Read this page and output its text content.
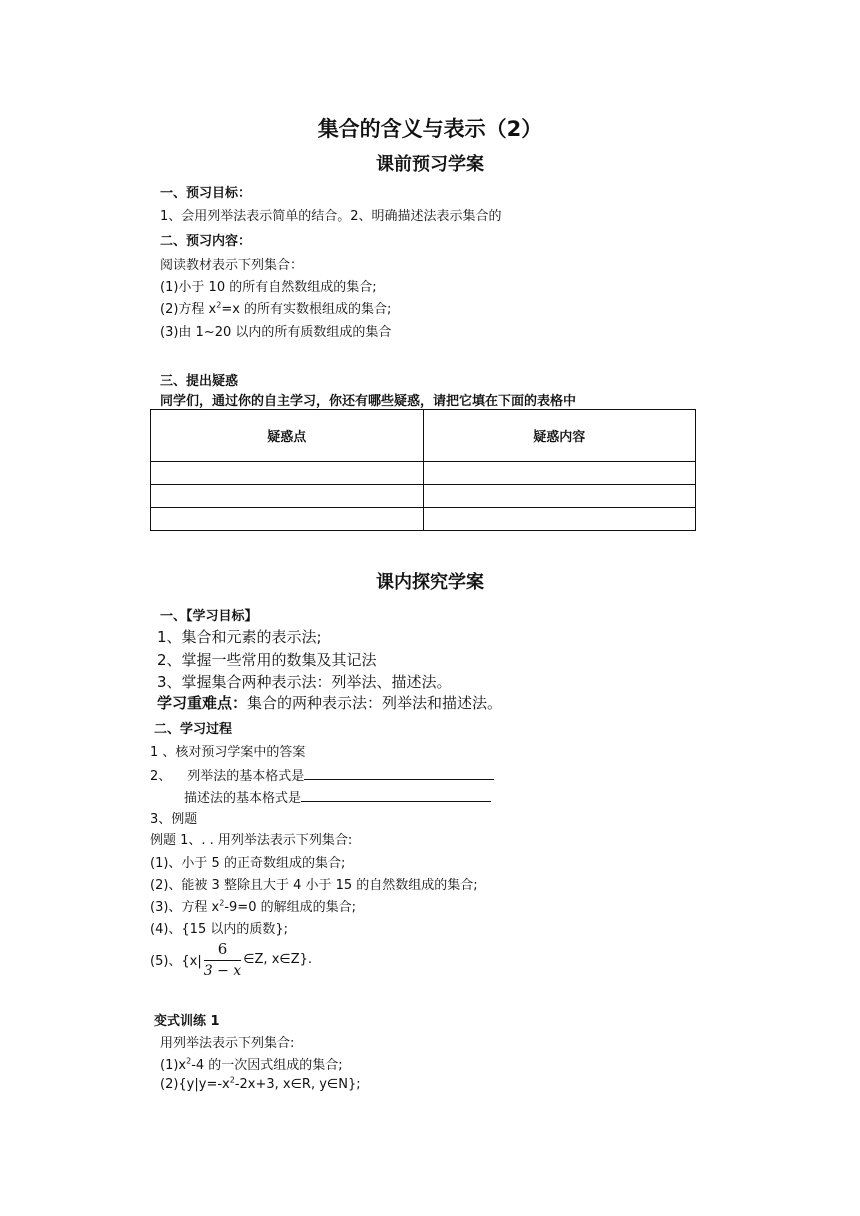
集合的含义与表示（2）
课前预习学案
一、预习目标：
1、会用列举法表示简单的结合。2、明确描述法表示集合的
二、预习内容：
阅读教材表示下列集合：
(1)小于 10 的所有自然数组成的集合;
(2)方程 $x^2=x$ 的所有实数根组成的集合;
(3)由 1~20 以内的所有质数组成的集合
三、提出疑惑
同学们，通过你的自主学习，你还有哪些疑惑，请把它填在下面的表格中
疑惑点	疑惑内容

课内探究学案
一、【学习目标】
1、集合和元素的表示法;
2、掌握一些常用的数集及其记法
3、掌握集合两种表示法：列举法、描述法。
学习重难点：集合的两种表示法：列举法和描述法。
二、学习过程
1 、核对预习学案中的答案
2、 列举法的基本格式是
描述法的基本格式是
3、例题
例题 1、. . 用列举法表示下列集合:
(1)、小于 5 的正奇数组成的集合;
(2)、能被 3 整除且大于 4 小于 15 的自然数组成的集合;
(3)、方程 $x^2-9=0$ 的解组成的集合;
(4)、{15 以内的质数};
(5)、{$x| \frac{6}{3 - x}$ ∈Z, x∈Z}.
变式训练 1
用列举法表示下列集合:
$(1)x^2-4$ 的一次因式组成的集合;
$(2)\{y|y=-x^2-2x+3$, x∈R, y∈N};
